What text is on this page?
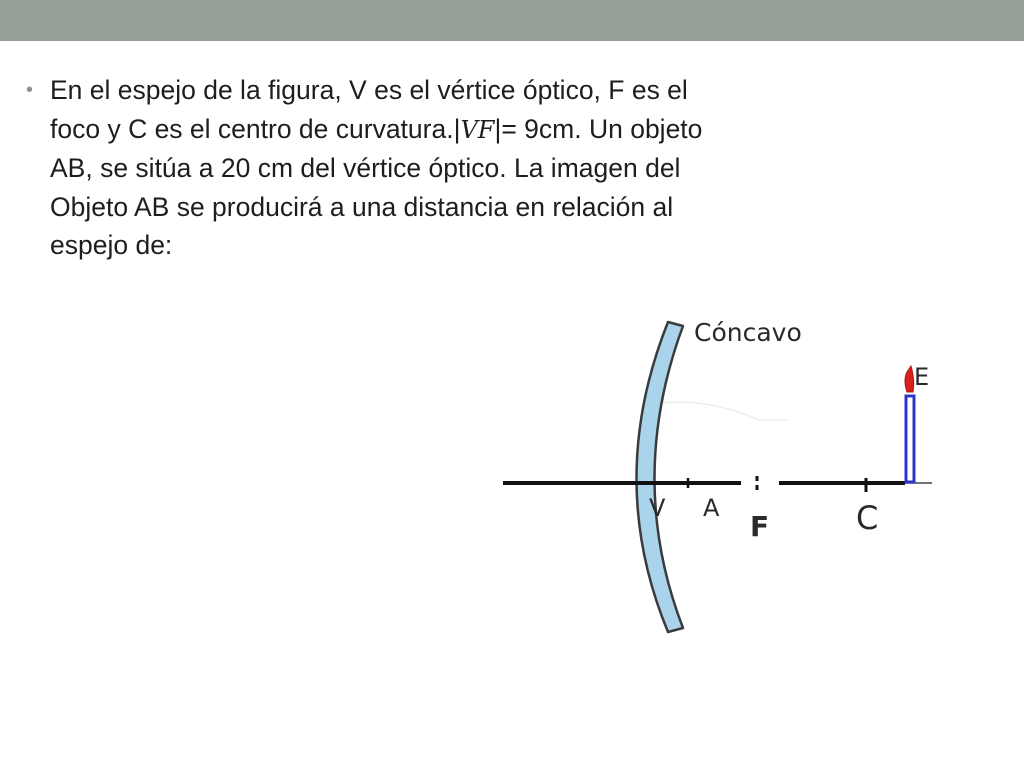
• En el espejo de la figura, V es el vértice óptico, F es el
foco y C es el centro de curvatura.|VF|= 9cm. Un objeto
AB, se sitúa a 20 cm del vértice óptico. La imagen del
Objeto AB se producirá a una distancia en relación al
espejo de:
V A
F	C
Cóncavo
E
